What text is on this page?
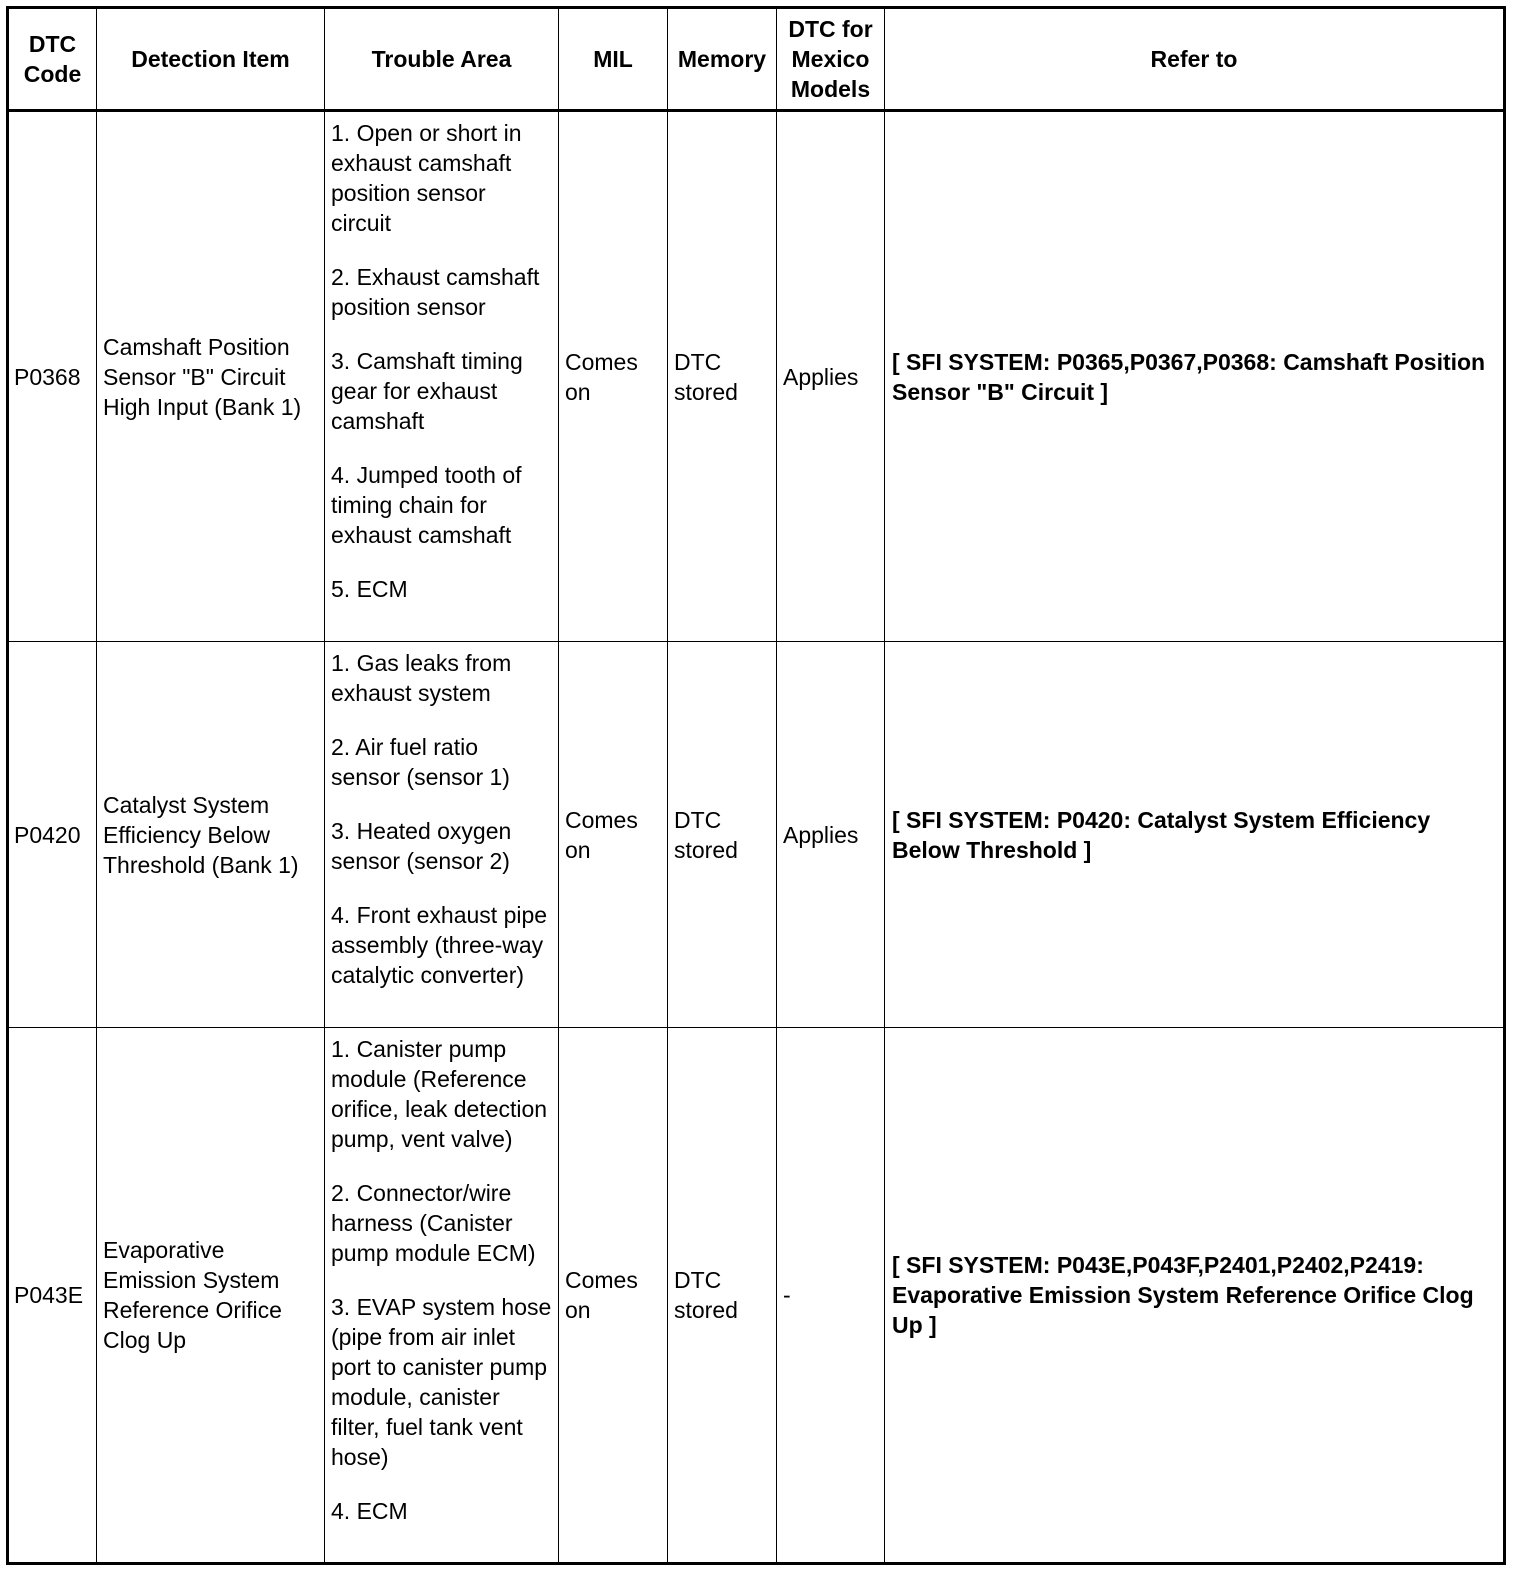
DTC Code	Detection Item	Trouble Area	MIL	Memory	DTC for Mexico Models	Refer to
P0368	Camshaft Position Sensor "B" Circuit High Input (Bank 1)	1. Open or short in exhaust camshaft position sensor circuit

2. Exhaust camshaft position sensor

3. Camshaft timing gear for exhaust camshaft

4. Jumped tooth of timing chain for exhaust camshaft

5. ECM	Comes on	DTC stored	Applies	[ SFI SYSTEM: P0365,P0367,P0368: Camshaft Position Sensor "B" Circuit ]
P0420	Catalyst System Efficiency Below Threshold (Bank 1)	1. Gas leaks from exhaust system

2. Air fuel ratio sensor (sensor 1)

3. Heated oxygen sensor (sensor 2)

4. Front exhaust pipe assembly (three-way catalytic converter)	Comes on	DTC stored	Applies	[ SFI SYSTEM: P0420: Catalyst System Efficiency Below Threshold ]
P043E	Evaporative Emission System Reference Orifice Clog Up	1. Canister pump module (Reference orifice, leak detection pump, vent valve)

2. Connector/wire harness (Canister pump module ECM)

3. EVAP system hose (pipe from air inlet port to canister pump module, canister filter, fuel tank vent hose)

4. ECM	Comes on	DTC stored	-	[ SFI SYSTEM: P043E,P043F,P2401,P2402,P2419: Evaporative Emission System Reference Orifice Clog Up ]
